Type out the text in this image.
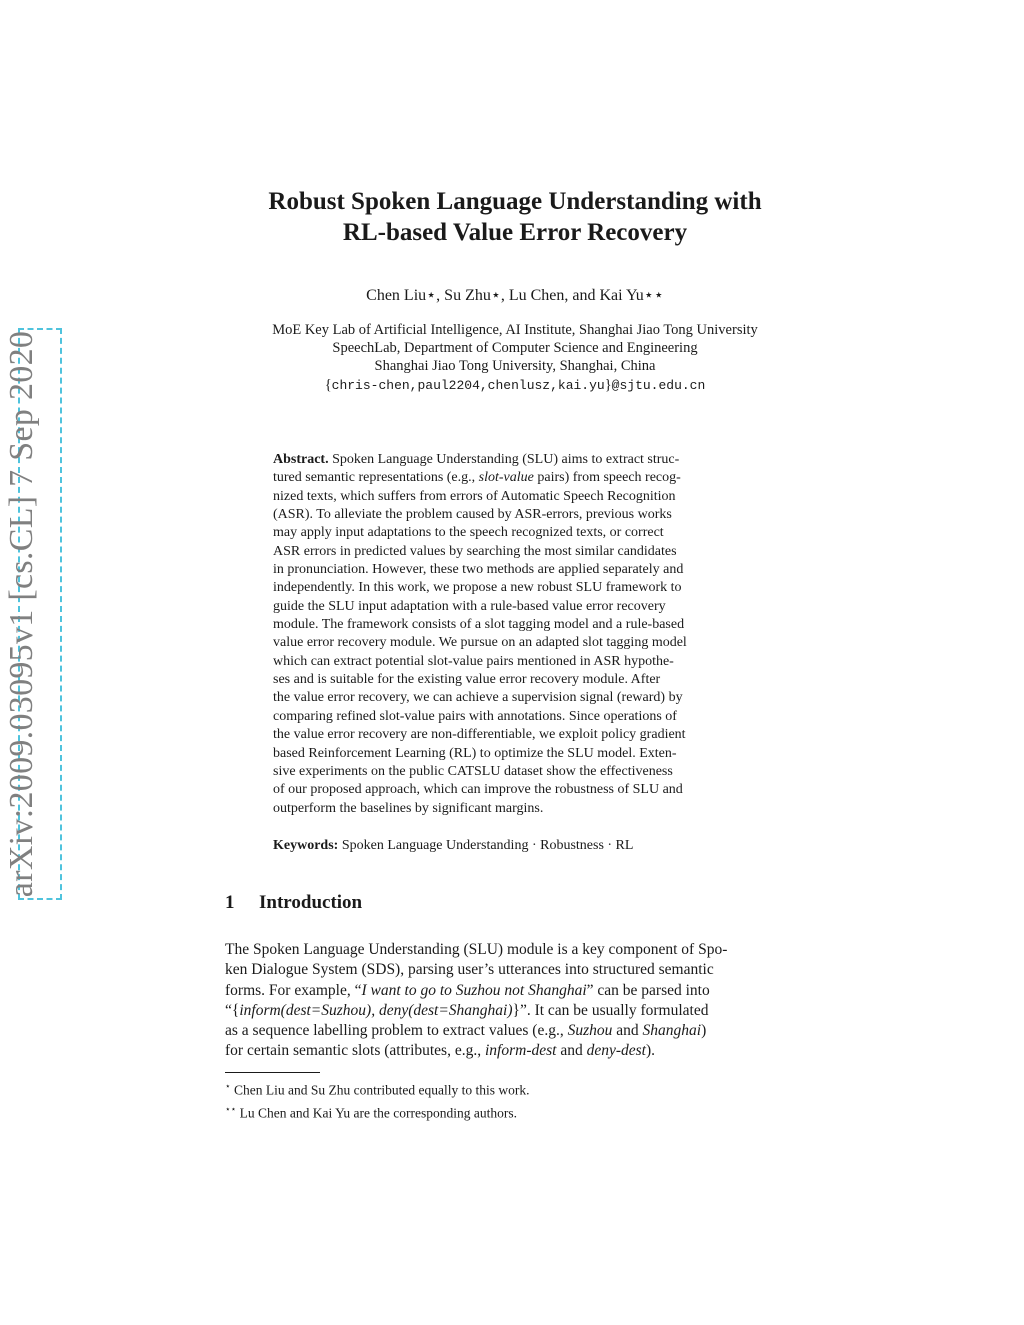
arXiv:2009.03095v1 [cs.CL] 7 Sep 2020
Robust Spoken Language Understanding with
RL-based Value Error Recovery
Chen Liu⋆, Su Zhu⋆, Lu Chen, and Kai Yu⋆⋆
MoE Key Lab of Artificial Intelligence, AI Institute, Shanghai Jiao Tong University
SpeechLab, Department of Computer Science and Engineering
Shanghai Jiao Tong University, Shanghai, China
{chris-chen,paul2204,chenlusz,kai.yu}@sjtu.edu.cn
Abstract. Spoken Language Understanding (SLU) aims to extract struc-
tured semantic representations (e.g., slot-value pairs) from speech recog-
nized texts, which suffers from errors of Automatic Speech Recognition
(ASR). To alleviate the problem caused by ASR-errors, previous works
may apply input adaptations to the speech recognized texts, or correct
ASR errors in predicted values by searching the most similar candidates
in pronunciation. However, these two methods are applied separately and
independently. In this work, we propose a new robust SLU framework to
guide the SLU input adaptation with a rule-based value error recovery
module. The framework consists of a slot tagging model and a rule-based
value error recovery module. We pursue on an adapted slot tagging model
which can extract potential slot-value pairs mentioned in ASR hypothe-
ses and is suitable for the existing value error recovery module. After
the value error recovery, we can achieve a supervision signal (reward) by
comparing refined slot-value pairs with annotations. Since operations of
the value error recovery are non-differentiable, we exploit policy gradient
based Reinforcement Learning (RL) to optimize the SLU model. Exten-
sive experiments on the public CATSLU dataset show the effectiveness
of our proposed approach, which can improve the robustness of SLU and
outperform the baselines by significant margins.
Keywords: Spoken Language Understanding · Robustness · RL
1 Introduction
The Spoken Language Understanding (SLU) module is a key component of Spo-
ken Dialogue System (SDS), parsing user’s utterances into structured semantic
forms. For example, “I want to go to Suzhou not Shanghai” can be parsed into
“{inform(dest=Suzhou), deny(dest=Shanghai)}”. It can be usually formulated
as a sequence labelling problem to extract values (e.g., Suzhou and Shanghai)
for certain semantic slots (attributes, e.g., inform-dest and deny-dest).
⋆ Chen Liu and Su Zhu contributed equally to this work.
⋆⋆ Lu Chen and Kai Yu are the corresponding authors.
